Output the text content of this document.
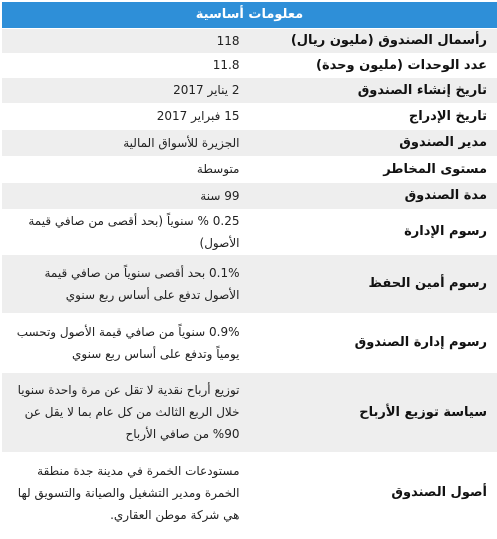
معلومات أساسية	
رأسمال الصندوق (مليون ريال)	118
عدد الوحدات (مليون وحدة)	11.8
تاريخ إنشاء الصندوق	2 يناير 2017
تاريخ الإدراج	15 فبراير 2017
مدير الصندوق	الجزيرة للأسواق المالية
مستوى المخاطر	متوسطة
مدة الصندوق	99 سنة
رسوم الإدارة	0.25 % سنوياً (بحد أقصى من صافي قيمة الأصول)
رسوم أمين الحفظ	0.1% بحد أقصى سنوياً من صافي قيمة الأصول تدفع على أساس ربع سنوي
رسوم إدارة الصندوق	0.9% سنوياً من صافي قيمة الأصول وتحسب يومياً وتدفع على أساس ربع سنوي
سياسة توزيع الأرباح	توزيع أرباح نقدية لا تقل عن مرة واحدة سنويا خلال الربع الثالث من كل عام بما لا يقل عن 90% من صافي الأرباح
أصول الصندوق	مستودعات الخمرة في مدينة جدة منطقة الخمرة ومدير التشغيل والصيانة والتسويق لها هي شركة موطن العقاري.
